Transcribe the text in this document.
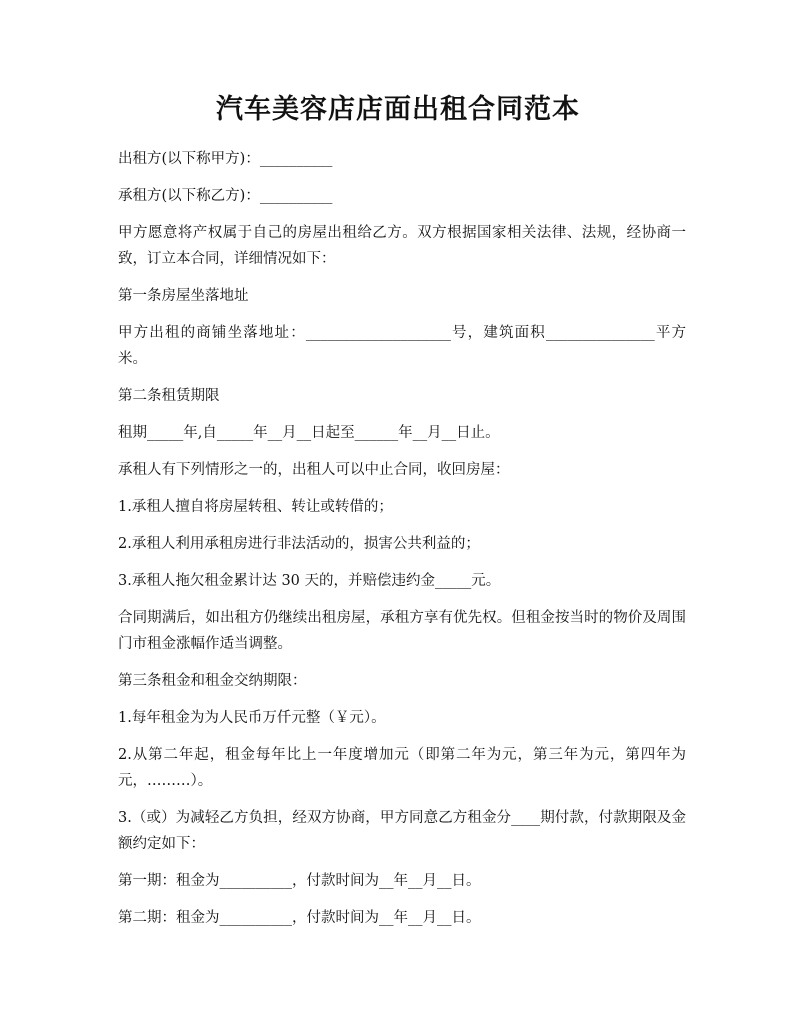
汽车美容店店面出租合同范本

出租方(以下称甲方)：__________

承租方(以下称乙方)：__________

甲方愿意将产权属于自己的房屋出租给乙方。双方根据国家相关法律、法规，经协商一致，订立本合同，详细情况如下：

第一条房屋坐落地址

甲方出租的商铺坐落地址：____________________号，建筑面积_______________平方米。

第二条租赁期限

租期_____年,自_____年__月__日起至______年__月__日止。

承租人有下列情形之一的，出租人可以中止合同，收回房屋：

1.承租人擅自将房屋转租、转让或转借的；

2.承租人利用承租房进行非法活动的，损害公共利益的；

3.承租人拖欠租金累计达 30 天的，并赔偿违约金_____元。

合同期满后，如出租方仍继续出租房屋，承租方享有优先权。但租金按当时的物价及周围门市租金涨幅作适当调整。

第三条租金和租金交纳期限：

1.每年租金为为人民币万仟元整（￥元）。

2.从第二年起，租金每年比上一年度增加元（即第二年为元，第三年为元，第四年为元，………）。

3.（或）为减轻乙方负担，经双方协商，甲方同意乙方租金分____期付款，付款期限及金额约定如下：

第一期：租金为__________，付款时间为__年__月__日。

第二期：租金为__________，付款时间为__年__月__日。
